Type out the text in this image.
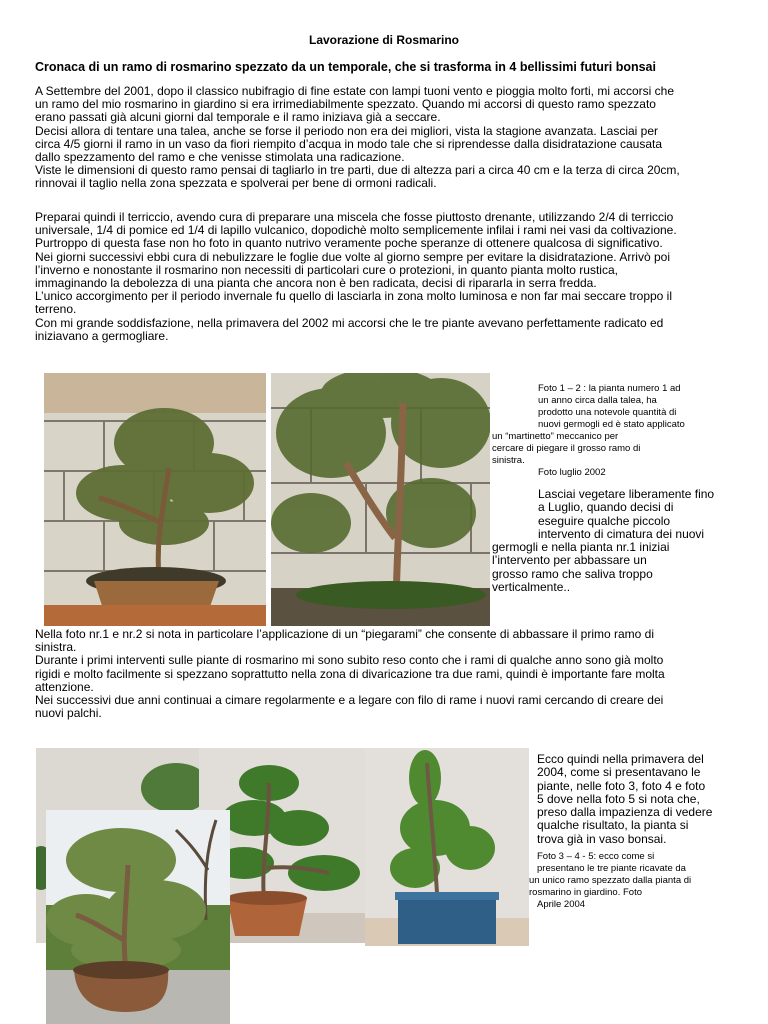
Lavorazione di Rosmarino
Cronaca di un ramo di rosmarino spezzato da un temporale, che si trasforma in 4 bellissimi futuri bonsai
A Settembre del 2001, dopo il classico nubifragio di fine estate con lampi tuoni vento e pioggia molto forti, mi accorsi che
un ramo del mio rosmarino in giardino si era irrimediabilmente spezzato. Quando mi accorsi di questo ramo spezzato
erano passati già alcuni giorni dal temporale e il ramo iniziava già a seccare.
Decisi allora di tentare una talea, anche se forse il periodo non era dei migliori, vista la stagione avanzata. Lasciai per
circa 4/5 giorni il ramo in un vaso da fiori riempito d’acqua in modo tale che si riprendesse dalla disidratazione causata
dallo spezzamento del ramo e che venisse stimolata una radicazione.
Viste le dimensioni di questo ramo pensai di tagliarlo in tre parti, due di altezza pari a circa 40 cm e la terza di circa 20cm,
rinnovai il taglio nella zona spezzata e spolverai per bene di ormoni radicali.
Preparai quindi il terriccio, avendo cura di preparare una miscela che fosse piuttosto drenante, utilizzando 2/4 di terriccio
universale, 1/4 di pomice ed 1/4 di lapillo vulcanico, dopodichè molto semplicemente infilai i rami nei vasi da coltivazione.
Purtroppo di questa fase non ho foto in quanto nutrivo veramente poche speranze di ottenere qualcosa di significativo.
Nei giorni successivi ebbi cura di nebulizzare le foglie due volte al giorno sempre per evitare la disidratazione. Arrivò poi
l’inverno e nonostante il rosmarino non necessiti di particolari cure o protezioni, in quanto pianta molto rustica,
immaginando la debolezza di una pianta che ancora non è ben radicata, decisi di ripararla in serra fredda.
L’unico accorgimento per il periodo invernale fu quello di lasciarla in zona molto luminosa e non far mai seccare troppo il
terreno.
Con mi grande soddisfazione, nella primavera del 2002 mi accorsi che le tre piante avevano perfettamente radicato ed
iniziavano a germogliare.
Foto 1 – 2 : la pianta numero 1 ad
un anno circa dalla talea, ha
prodotto una notevole quantità di
nuovi germogli ed è stato applicato
un “martinetto” meccanico per
cercare di piegare il grosso ramo di
sinistra.
Foto luglio 2002
Lasciai vegetare liberamente fino
a Luglio, quando decisi di
eseguire qualche piccolo
intervento di cimatura dei nuovi
germogli e nella pianta nr.1 iniziai
l’intervento per abbassare un
grosso ramo che saliva troppo
verticalmente..
Nella foto nr.1 e nr.2 si nota in particolare l’applicazione di un “piegarami” che consente di abbassare il primo ramo di
sinistra.
Durante i primi interventi sulle piante di rosmarino mi sono subito reso conto che i rami di qualche anno sono già molto
rigidi e molto facilmente si spezzano soprattutto nella zona di divaricazione tra due rami, quindi è importante fare molta
attenzione.
Nei successivi due anni continuai a cimare regolarmente e a legare con filo di rame i nuovi rami cercando di creare dei
nuovi palchi.
Ecco quindi nella primavera del
2004, come si presentavano le
piante, nelle foto 3, foto 4 e foto
5 dove nella foto 5 si nota che,
preso dalla impazienza di vedere
qualche risultato, la pianta si
trova già in vaso bonsai.
Foto 3 – 4 - 5: ecco come si
presentano le tre piante ricavate da
un unico ramo spezzato dalla pianta di
rosmarino in giardino. Foto
Aprile 2004
